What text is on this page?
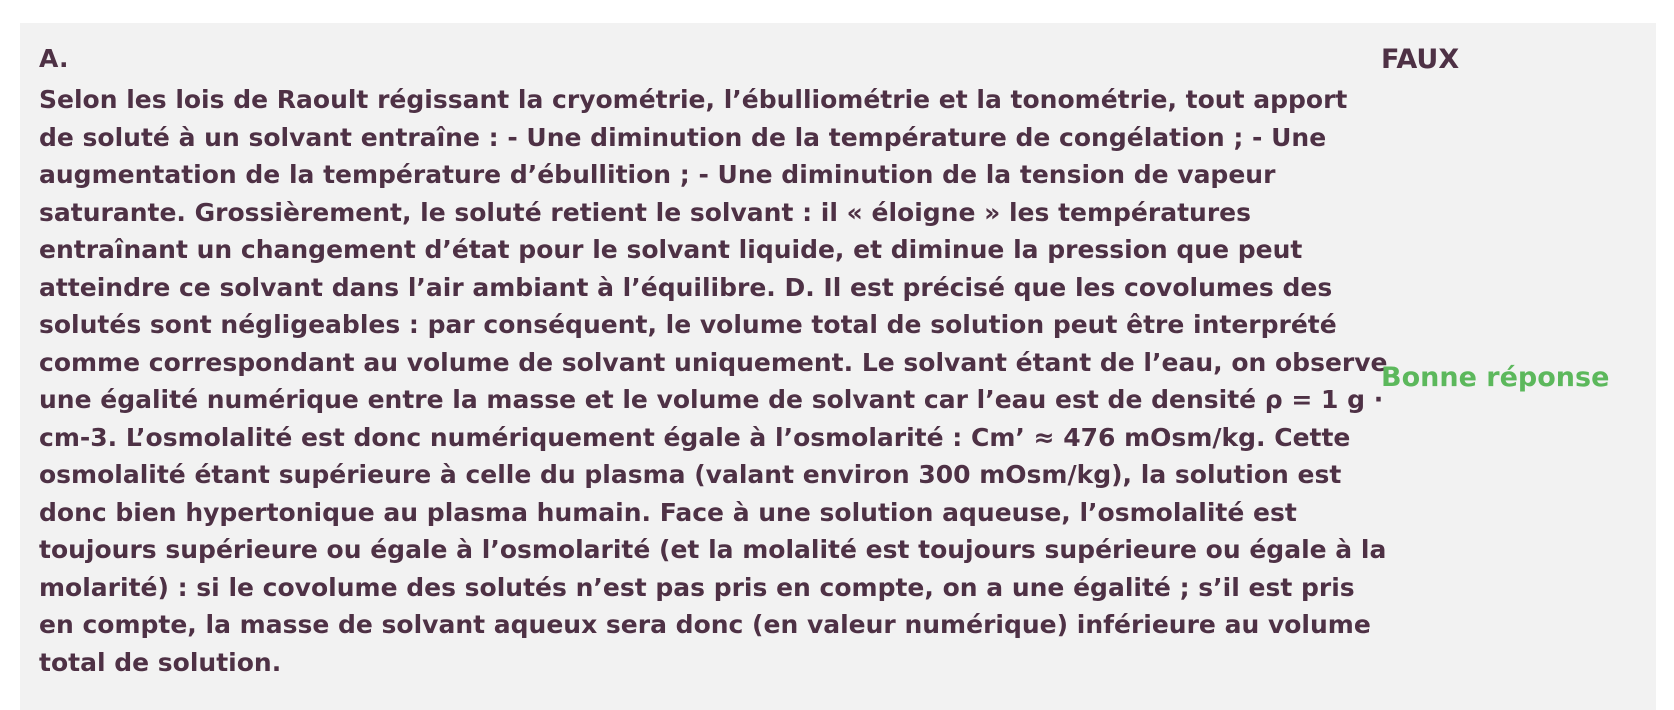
A.

Selon les lois de Raoult régissant la cryométrie, l’ébulliométrie et la tonométrie, tout apport de soluté à un solvant entraîne : - Une diminution de la température de congélation ; - Une augmentation de la température d’ébullition ; - Une diminution de la tension de vapeur saturante. Grossièrement, le soluté retient le solvant : il « éloigne » les températures entraînant un changement d’état pour le solvant liquide, et diminue la pression que peut atteindre ce solvant dans l’air ambiant à l’équilibre. D. Il est précisé que les covolumes des solutés sont négligeables : par conséquent, le volume total de solution peut être interprété comme correspondant au volume de solvant uniquement. Le solvant étant de l’eau, on observe une égalité numérique entre la masse et le volume de solvant car l’eau est de densité ρ = 1 g · cm-3. L’osmolalité est donc numériquement égale à l’osmolarité : Cm’ ≈ 476 mOsm/kg. Cette osmolalité étant supérieure à celle du plasma (valant environ 300 mOsm/kg), la solution est donc bien hypertonique au plasma humain. Face à une solution aqueuse, l’osmolalité est toujours supérieure ou égale à l’osmolarité (et la molalité est toujours supérieure ou égale à la molarité) : si le covolume des solutés n’est pas pris en compte, on a une égalité ; s’il est pris en compte, la masse de solvant aqueux sera donc (en valeur numérique) inférieure au volume total de solution.

FAUX

Bonne réponse
